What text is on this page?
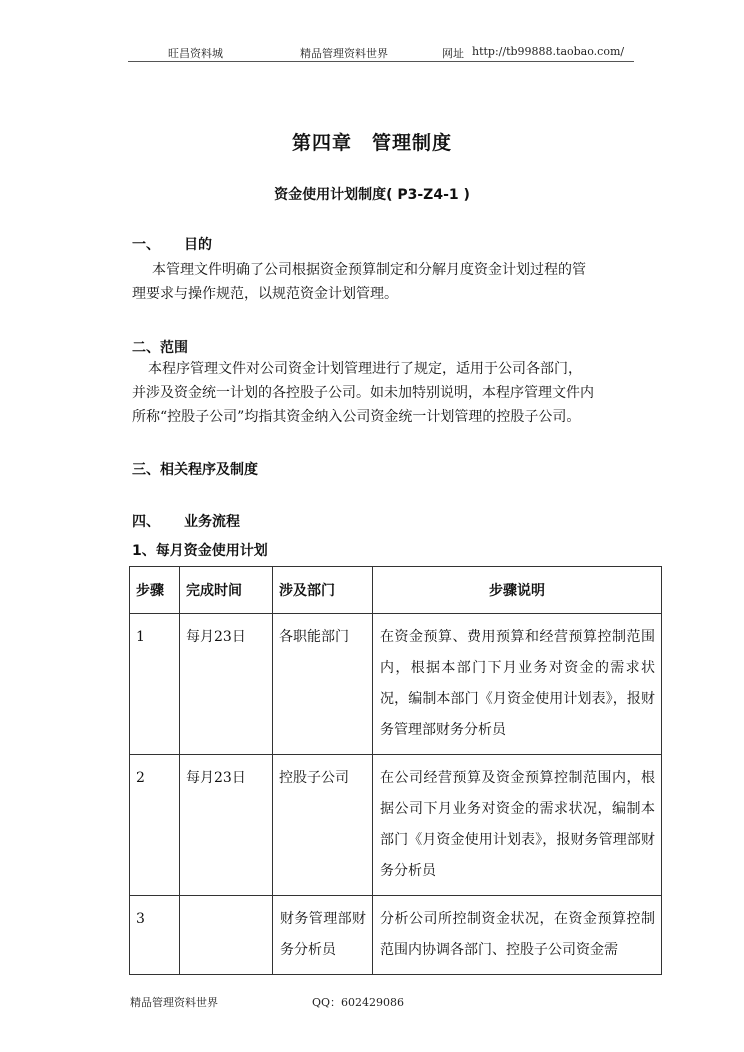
旺昌资料城	精品管理资料世界	网址 http://tb99888.taobao.com/
第四章　管理制度
资金使用计划制度( P3-Z4-1 )
一、 目的
本管理文件明确了公司根据资金预算制定和分解月度资金计划过程的管
理要求与操作规范，以规范资金计划管理。
二、范围
本程序管理文件对公司资金计划管理进行了规定，适用于公司各部门，
并涉及资金统一计划的各控股子公司。如未加特别说明，本程序管理文件内
所称“控股子公司”均指其资金纳入公司资金统一计划管理的控股子公司。
三、相关程序及制度
四、 业务流程
1、每月资金使用计划
步骤	完成时间	涉及部门	步骤说明
1	每月23日	各职能部门	在资金预算、费用预算和经营预算控制范围内，根据本部门下月业务对资金的需求状况，编制本部门《月资金使用计划表》，报财务管理部财务分析员
2	每月23日	控股子公司	在公司经营预算及资金预算控制范围内，根据公司下月业务对资金的需求状况，编制本部门《月资金使用计划表》，报财务管理部财务分析员
3		财务管理部财务分析员	分析公司所控制资金状况，在资金预算控制范围内协调各部门、控股子公司资金需
精品管理资料世界	QQ：602429086
